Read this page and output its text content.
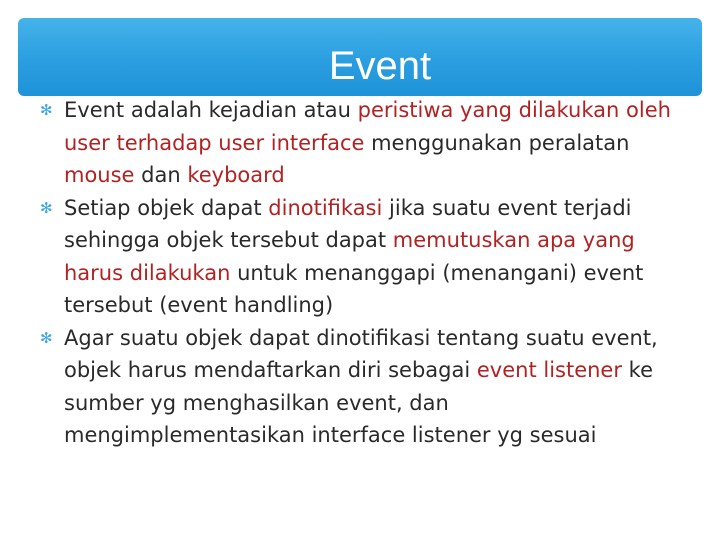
Event
✻ Event adalah kejadian atau peristiwa yang dilakukan oleh user terhadap user interface menggunakan peralatan mouse dan keyboard
✻ Setiap objek dapat dinotifikasi jika suatu event terjadi sehingga objek tersebut dapat memutuskan apa yang harus dilakukan untuk menanggapi (menangani) event tersebut (event handling)
✻ Agar suatu objek dapat dinotifikasi tentang suatu event, objek harus mendaftarkan diri sebagai event listener ke sumber yg menghasilkan event, dan mengimplementasikan interface listener yg sesuai
